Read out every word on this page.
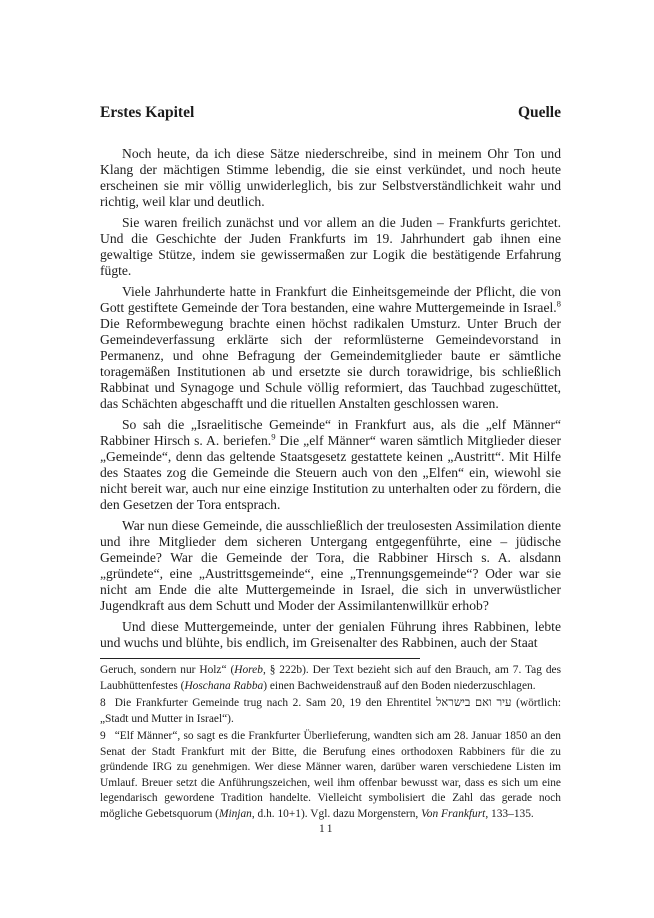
Erstes Kapitel	Quelle

Noch heute, da ich diese Sätze niederschreibe, sind in meinem Ohr Ton und Klang der mächtigen Stimme lebendig, die sie einst verkündet, und noch heute erscheinen sie mir völlig unwiderleglich, bis zur Selbstverständlichkeit wahr und richtig, weil klar und deutlich.

Sie waren freilich zunächst und vor allem an die Juden – Frankfurts gerichtet. Und die Geschichte der Juden Frankfurts im 19. Jahrhundert gab ihnen eine gewaltige Stütze, indem sie gewissermaßen zur Logik die bestätigende Erfahrung fügte.

Viele Jahrhunderte hatte in Frankfurt die Einheitsgemeinde der Pflicht, die von Gott gestiftete Gemeinde der Tora bestanden, eine wahre Muttergemeinde in Israel.$^8$ Die Reformbewegung brachte einen höchst radikalen Umsturz. Unter Bruch der Gemeindeverfassung erklärte sich der reformlüsterne Gemeindevorstand in Permanenz, und ohne Befragung der Gemeindemitglieder baute er sämtliche toragemäßen Institutionen ab und ersetzte sie durch torawidrige, bis schließlich Rabbinat und Synagoge und Schule völlig reformiert, das Tauchbad zugeschüttet, das Schächten abgeschafft und die rituellen Anstalten geschlossen waren.

So sah die „Israelitische Gemeinde“ in Frankfurt aus, als die „elf Männer“ Rabbiner Hirsch s. A. beriefen.$^9$ Die „elf Männer“ waren sämtlich Mitglieder dieser „Gemeinde“, denn das geltende Staatsgesetz gestattete keinen „Austritt“. Mit Hilfe des Staates zog die Gemeinde die Steuern auch von den „Elfen“ ein, wiewohl sie nicht bereit war, auch nur eine einzige Institution zu unterhalten oder zu fördern, die den Gesetzen der Tora entsprach.

War nun diese Gemeinde, die ausschließlich der treulosesten Assimilation diente und ihre Mitglieder dem sicheren Untergang entgegenführte, eine – jüdische Gemeinde? War die Gemeinde der Tora, die Rabbiner Hirsch s. A. alsdann „gründete“, eine „Austrittsgemeinde“, eine „Trennungsgemeinde“? Oder war sie nicht am Ende die alte Muttergemeinde in Israel, die sich in unverwüstlicher Jugendkraft aus dem Schutt und Moder der Assimilantenwillkür erhob?

Und diese Muttergemeinde, unter der genialen Führung ihres Rabbinen, lebte und wuchs und blühte, bis endlich, im Greisenalter des Rabbinen, auch der Staat

Geruch, sondern nur Holz“ (Horeb, § 222b). Der Text bezieht sich auf den Brauch, am 7. Tag des Laubhüttenfestes (Hoschana Rabba) einen Bachweidenstrauß auf den Boden niederzuschlagen.

8 Die Frankfurter Gemeinde trug nach 2. Sam 20, 19 den Ehrentitel עיר ואם בישראל (wörtlich: „Stadt und Mutter in Israel“).

9 “Elf Männer“, so sagt es die Frankfurter Überlieferung, wandten sich am 28. Januar 1850 an den Senat der Stadt Frankfurt mit der Bitte, die Berufung eines orthodoxen Rabbiners für die zu gründende IRG zu genehmigen. Wer diese Männer waren, darüber waren verschiedene Listen im Umlauf. Breuer setzt die Anführungszeichen, weil ihm offenbar bewusst war, dass es sich um eine legendarisch gewordene Tradition handelte. Vielleicht symbolisiert die Zahl das gerade noch mögliche Gebetsquorum (Minjan, d.h. 10+1). Vgl. dazu Morgenstern, Von Frankfurt, 133–135.

11
